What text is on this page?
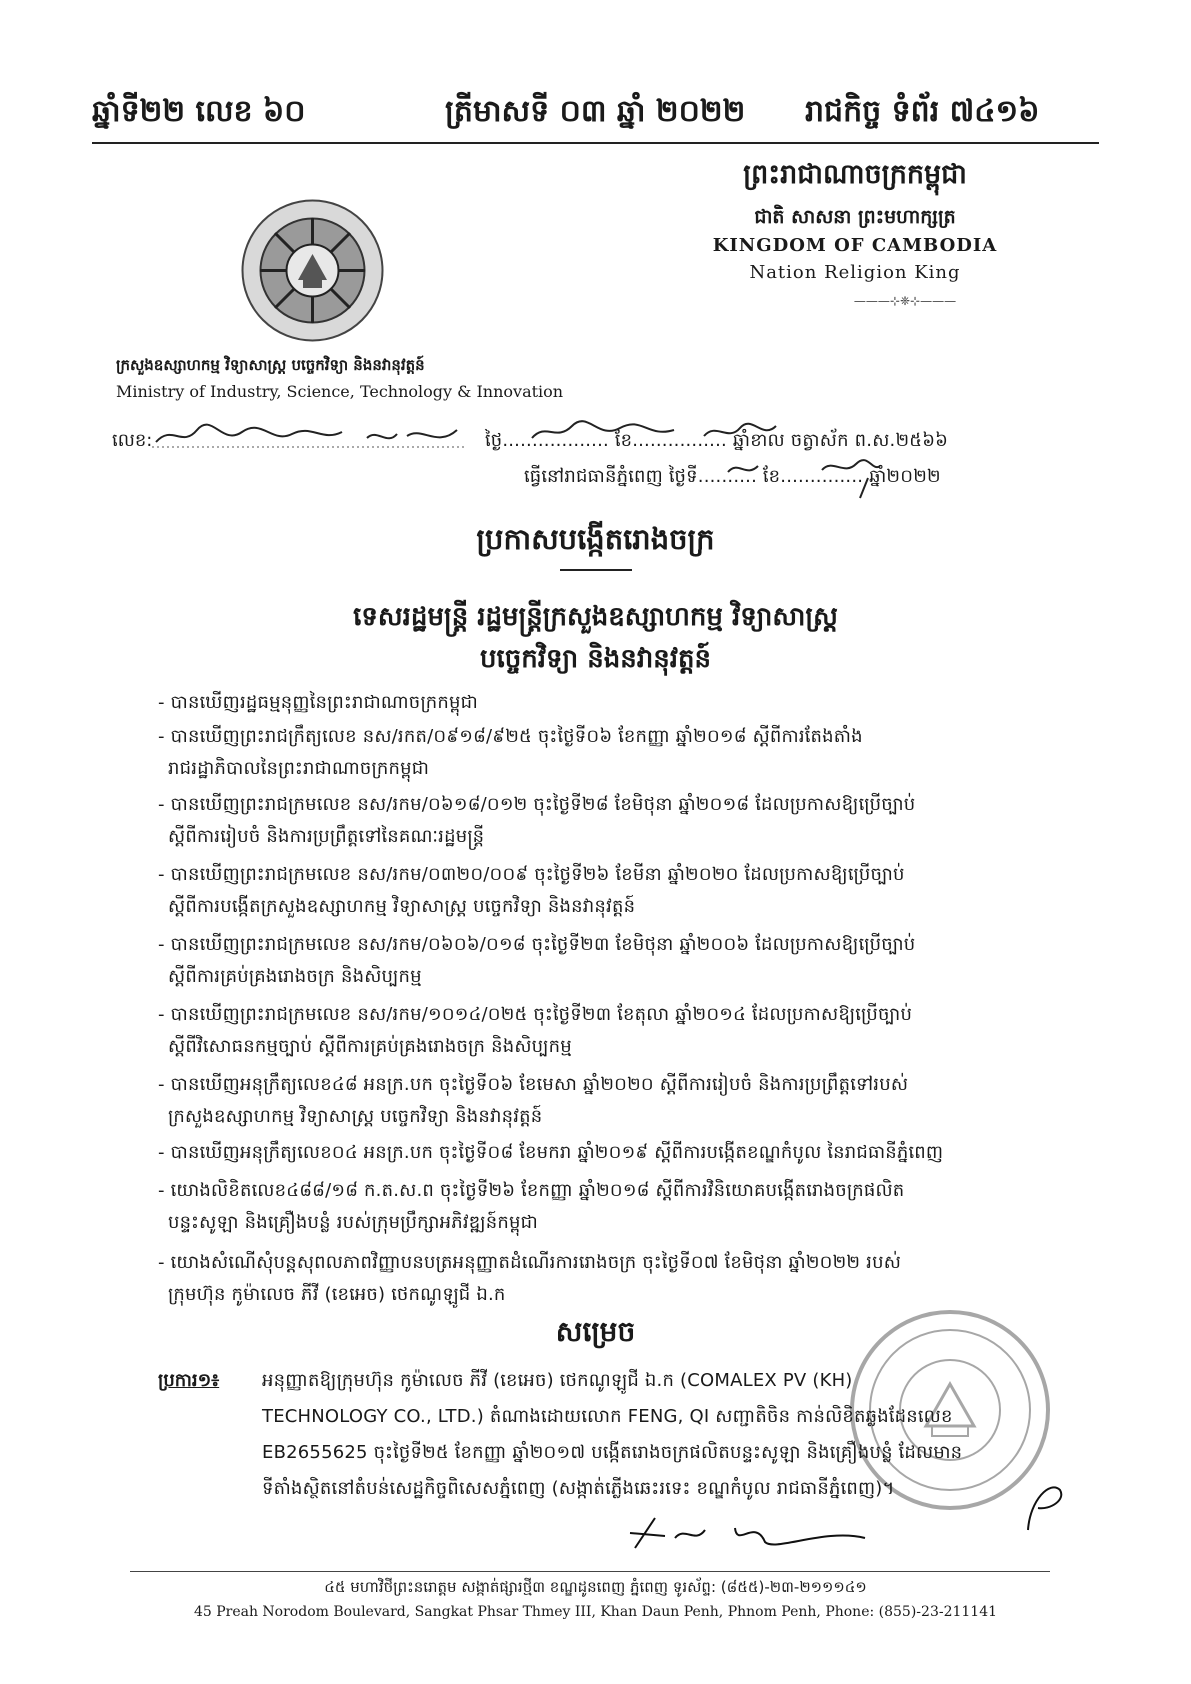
ឆ្នាំទី២២ លេខ ៦០	ត្រីមាសទី ០៣ ឆ្នាំ ២០២២ រាជកិច្ច ទំព័រ ៧៤១៦
ព្រះរាជាណាចក្រកម្ពុជា
ជាតិ សាសនា ព្រះមហាក្សត្រ
KINGDOM OF CAMBODIA
Nation Religion King
———⊹❈⊹———
ក្រសួងឧស្សាហកម្ម វិទ្យាសាស្ត្រ បច្ចេកវិទ្យា និងនវានុវត្តន៍
Ministry of Industry, Science, Technology & Innovation
លេខ:	ថ្ងៃ.................. ខែ................ ឆ្នាំខាល ចត្វាស័ក ព.ស.២៥៦៦
ធ្វើនៅរាជធានីភ្នំពេញ ថ្ងៃទី.......... ខែ.............. ឆ្នាំ២០២២
ប្រកាសបង្កើតរោងចក្រ
ទេសរដ្ឋមន្ត្រី រដ្ឋមន្ត្រីក្រសួងឧស្សាហកម្ម វិទ្យាសាស្ត្រ
បច្ចេកវិទ្យា និងនវានុវត្តន៍
- បានឃើញរដ្ឋធម្មនុញ្ញនៃព្រះរាជាណាចក្រកម្ពុជា
- បានឃើញព្រះរាជក្រឹត្យលេខ នស/រកត/០៩១៨/៩២៥ ចុះថ្ងៃទី០៦ ខែកញ្ញា ឆ្នាំ២០១៨ ស្តីពីការតែងតាំង
រាជរដ្ឋាភិបាលនៃព្រះរាជាណាចក្រកម្ពុជា
- បានឃើញព្រះរាជក្រមលេខ នស/រកម/០៦១៨/០១២ ចុះថ្ងៃទី២៨ ខែមិថុនា ឆ្នាំ២០១៨ ដែលប្រកាសឱ្យប្រើច្បាប់
ស្តីពីការរៀបចំ និងការប្រព្រឹត្តទៅនៃគណៈរដ្ឋមន្ត្រី
- បានឃើញព្រះរាជក្រមលេខ នស/រកម/០៣២០/០០៩ ចុះថ្ងៃទី២៦ ខែមីនា ឆ្នាំ២០២០ ដែលប្រកាសឱ្យប្រើច្បាប់
ស្តីពីការបង្កើតក្រសួងឧស្សាហកម្ម វិទ្យាសាស្ត្រ បច្ចេកវិទ្យា និងនវានុវត្តន៍
- បានឃើញព្រះរាជក្រមលេខ នស/រកម/០៦០៦/០១៨ ចុះថ្ងៃទី២៣ ខែមិថុនា ឆ្នាំ២០០៦ ដែលប្រកាសឱ្យប្រើច្បាប់
ស្តីពីការគ្រប់គ្រងរោងចក្រ និងសិប្បកម្ម
- បានឃើញព្រះរាជក្រមលេខ នស/រកម/១០១៤/០២៥ ចុះថ្ងៃទី២៣ ខែតុលា ឆ្នាំ២០១៤ ដែលប្រកាសឱ្យប្រើច្បាប់
ស្តីពីវិសោធនកម្មច្បាប់ ស្តីពីការគ្រប់គ្រងរោងចក្រ និងសិប្បកម្ម
- បានឃើញអនុក្រឹត្យលេខ៤៨ អនក្រ.បក ចុះថ្ងៃទី០៦ ខែមេសា ឆ្នាំ២០២០ ស្តីពីការរៀបចំ និងការប្រព្រឹត្តទៅរបស់
ក្រសួងឧស្សាហកម្ម វិទ្យាសាស្ត្រ បច្ចេកវិទ្យា និងនវានុវត្តន៍
- បានឃើញអនុក្រឹត្យលេខ០៤ អនក្រ.បក ចុះថ្ងៃទី០៨ ខែមករា ឆ្នាំ២០១៩ ស្តីពីការបង្កើតខណ្ឌកំបូល នៃរាជធានីភ្នំពេញ
- យោងលិខិតលេខ៤៨៨/១៨ ក.ត.ស.ព ចុះថ្ងៃទី២៦ ខែកញ្ញា ឆ្នាំ២០១៨ ស្តីពីការវិនិយោគបង្កើតរោងចក្រផលិត
បន្ទះសូឡា និងគ្រឿងបន្លំ របស់ក្រុមប្រឹក្សាអភិវឌ្ឍន៍កម្ពុជា
- យោងសំណើសុំបន្តសុពលភាពវិញ្ញាបនបត្រអនុញ្ញាតដំណើរការរោងចក្រ ចុះថ្ងៃទី០៧ ខែមិថុនា ឆ្នាំ២០២២ របស់
ក្រុមហ៊ុន កូម៉ាលេច ភីវី (ខេអេច) ថេកណូឡូជី ឯ.ក
សម្រេច
ប្រការ១៖ អនុញ្ញាតឱ្យក្រុមហ៊ុន កូម៉ាលេច ភីវី (ខេអេច) ថេកណូឡូជី ឯ.ក (COMALEX PV (KH)
TECHNOLOGY CO., LTD.) តំណាងដោយលោក FENG, QI សញ្ជាតិចិន កាន់លិខិតឆ្លងដែនលេខ
EB2655625 ចុះថ្ងៃទី២៥ ខែកញ្ញា ឆ្នាំ២០១៧ បង្កើតរោងចក្រផលិតបន្ទះសូឡា និងគ្រឿងបន្លំ ដែលមាន
ទីតាំងស្ថិតនៅតំបន់សេដ្ឋកិច្ចពិសេសភ្នំពេញ (សង្កាត់ភ្លើងឆេះរទេះ ខណ្ឌកំបូល រាជធានីភ្នំពេញ)។
៤៥ មហាវិថីព្រះនរោត្តម សង្កាត់ផ្សារថ្មី៣ ខណ្ឌដូនពេញ ភ្នំពេញ ទូរស័ព្ទ: (៨៥៥)-២៣-២១១១៤១
45 Preah Norodom Boulevard, Sangkat Phsar Thmey III, Khan Daun Penh, Phnom Penh, Phone: (855)-23-211141
